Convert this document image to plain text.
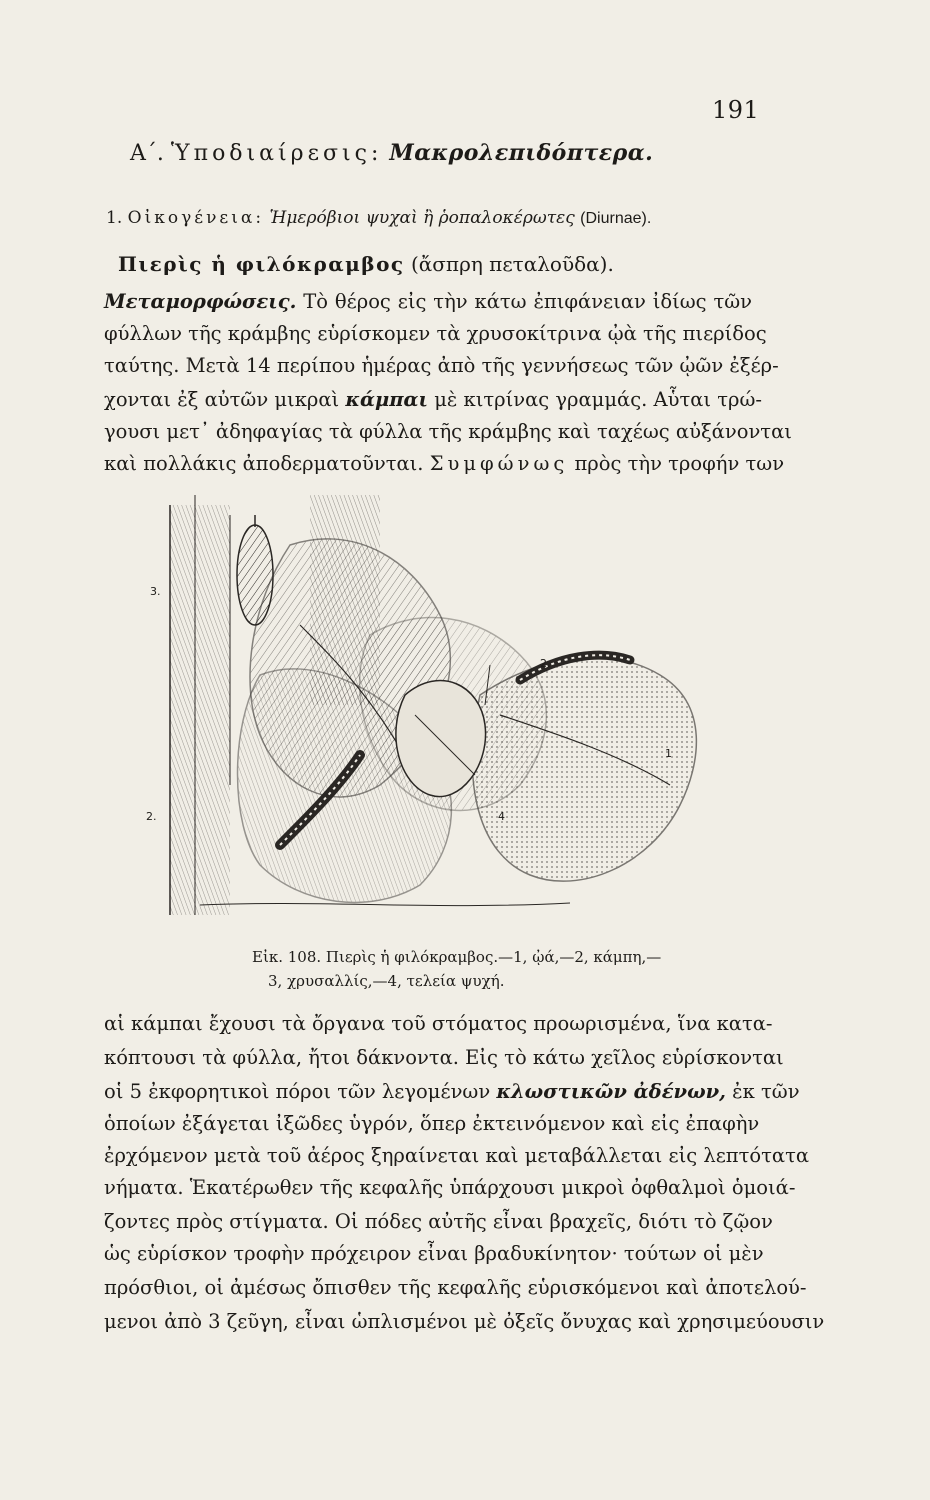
191
Α΄. Ὑποδιαίρεσις: Μακρολεπιδόπτερα.
1. Οἰκογένεια: Ἡμερόβιοι ψυχαὶ ἢ ῥοπαλοκέρωτες (Diurnae).
Πιερὶς ἡ φιλόκραμβος (ἄσπρη πεταλοῦδα).
Μεταμορφώσεις. Τὸ θέρος εἰς τὴν κάτω ἐπιφάνειαν ἰδίως τῶν
φύλλων τῆς κράμβης εὑρίσκομεν τὰ χρυσοκίτρινα ᾠὰ τῆς πιερίδος
ταύτης. Μετὰ 14 περίπου ἡμέρας ἀπὸ τῆς γεννήσεως τῶν ᾠῶν ἐξέρ-
χονται ἐξ αὐτῶν μικραὶ κάμπαι μὲ κιτρίνας γραμμάς. Αὗται τρώ-
γουσι μετ᾽ ἀδηφαγίας τὰ φύλλα τῆς κράμβης καὶ ταχέως αὐξάνονται
καὶ πολλάκις ἀποδερματοῦνται. Συμφώνως πρὸς τὴν τροφήν των
3.
2.
1
2.	4
Εἰκ. 108. Πιερὶς ἡ φιλόκραμβος.—1, ᾠά,—2, κάμπη,—
3, χρυσαλλίς,—4, τελεία ψυχή.
αἱ κάμπαι ἔχουσι τὰ ὄργανα τοῦ στόματος προωρισμένα, ἵνα κατα-
κόπτουσι τὰ φύλλα, ἤτοι δάκνοντα. Εἰς τὸ κάτω χεῖλος εὑρίσκονται
οἱ 5 ἐκφορητικοὶ πόροι τῶν λεγομένων κλωστικῶν ἀδένων, ἐκ τῶν
ὁποίων ἐξάγεται ἰξῶδες ὑγρόν, ὅπερ ἐκτεινόμενον καὶ εἰς ἐπαφὴν
ἐρχόμενον μετὰ τοῦ ἀέρος ξηραίνεται καὶ μεταβάλλεται εἰς λεπτότατα
νήματα. Ἑκατέρωθεν τῆς κεφαλῆς ὑπάρχουσι μικροὶ ὀφθαλμοὶ ὁμοιά-
ζοντες πρὸς στίγματα. Οἱ πόδες αὐτῆς εἶναι βραχεῖς, διότι τὸ ζῷον
ὡς εὑρίσκον τροφὴν πρόχειρον εἶναι βραδυκίνητον· τούτων οἱ μὲν
πρόσθιοι, οἱ ἀμέσως ὄπισθεν τῆς κεφαλῆς εὑρισκόμενοι καὶ ἀποτελού-
μενοι ἀπὸ 3 ζεῦγη, εἶναι ὡπλισμένοι μὲ ὀξεῖς ὄνυχας καὶ χρησιμεύουσιν
